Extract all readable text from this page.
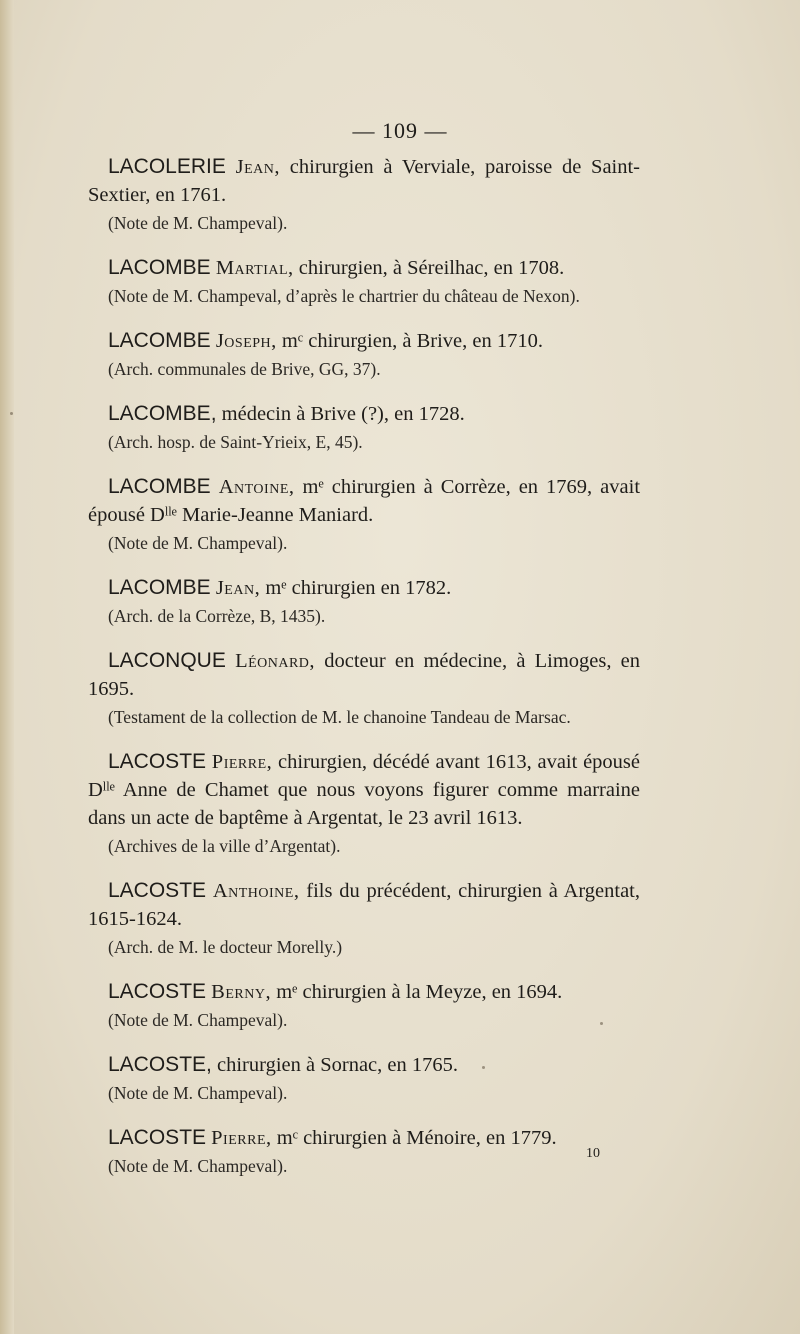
— 109 —

LACOLERIE Jean, chirurgien à Verviale, paroisse de Saint-Sextier, en 1761.

(Note de M. Champeval).

LACOMBE Martial, chirurgien, à Séreilhac, en 1708.

(Note de M. Champeval, d’après le chartrier du château de Nexon).

LACOMBE Joseph, mᶜ chirurgien, à Brive, en 1710.

(Arch. communales de Brive, GG, 37).

LACOMBE, médecin à Brive (?), en 1728.

(Arch. hosp. de Saint-Yrieix, E, 45).

LACOMBE Antoine, mᵉ chirurgien à Corrèze, en 1769, avait épousé Dˡˡᵉ Marie-Jeanne Maniard.

(Note de M. Champeval).

LACOMBE Jean, mᵉ chirurgien en 1782.

(Arch. de la Corrèze, B, 1435).

LACONQUE Léonard, docteur en médecine, à Limoges, en 1695.

(Testament de la collection de M. le chanoine Tandeau de Marsac.

LACOSTE Pierre, chirurgien, décédé avant 1613, avait épousé Dˡˡᵉ Anne de Chamet que nous voyons figurer comme marraine dans un acte de baptême à Argentat, le 23 avril 1613.

(Archives de la ville d’Argentat).

LACOSTE Anthoine, fils du précédent, chirurgien à Argentat, 1615-1624.

(Arch. de M. le docteur Morelly.)

LACOSTE Berny, mᵉ chirurgien à la Meyze, en 1694.

(Note de M. Champeval).

LACOSTE, chirurgien à Sornac, en 1765.

(Note de M. Champeval).

LACOSTE Pierre, mᶜ chirurgien à Ménoire, en 1779.

(Note de M. Champeval).

10
